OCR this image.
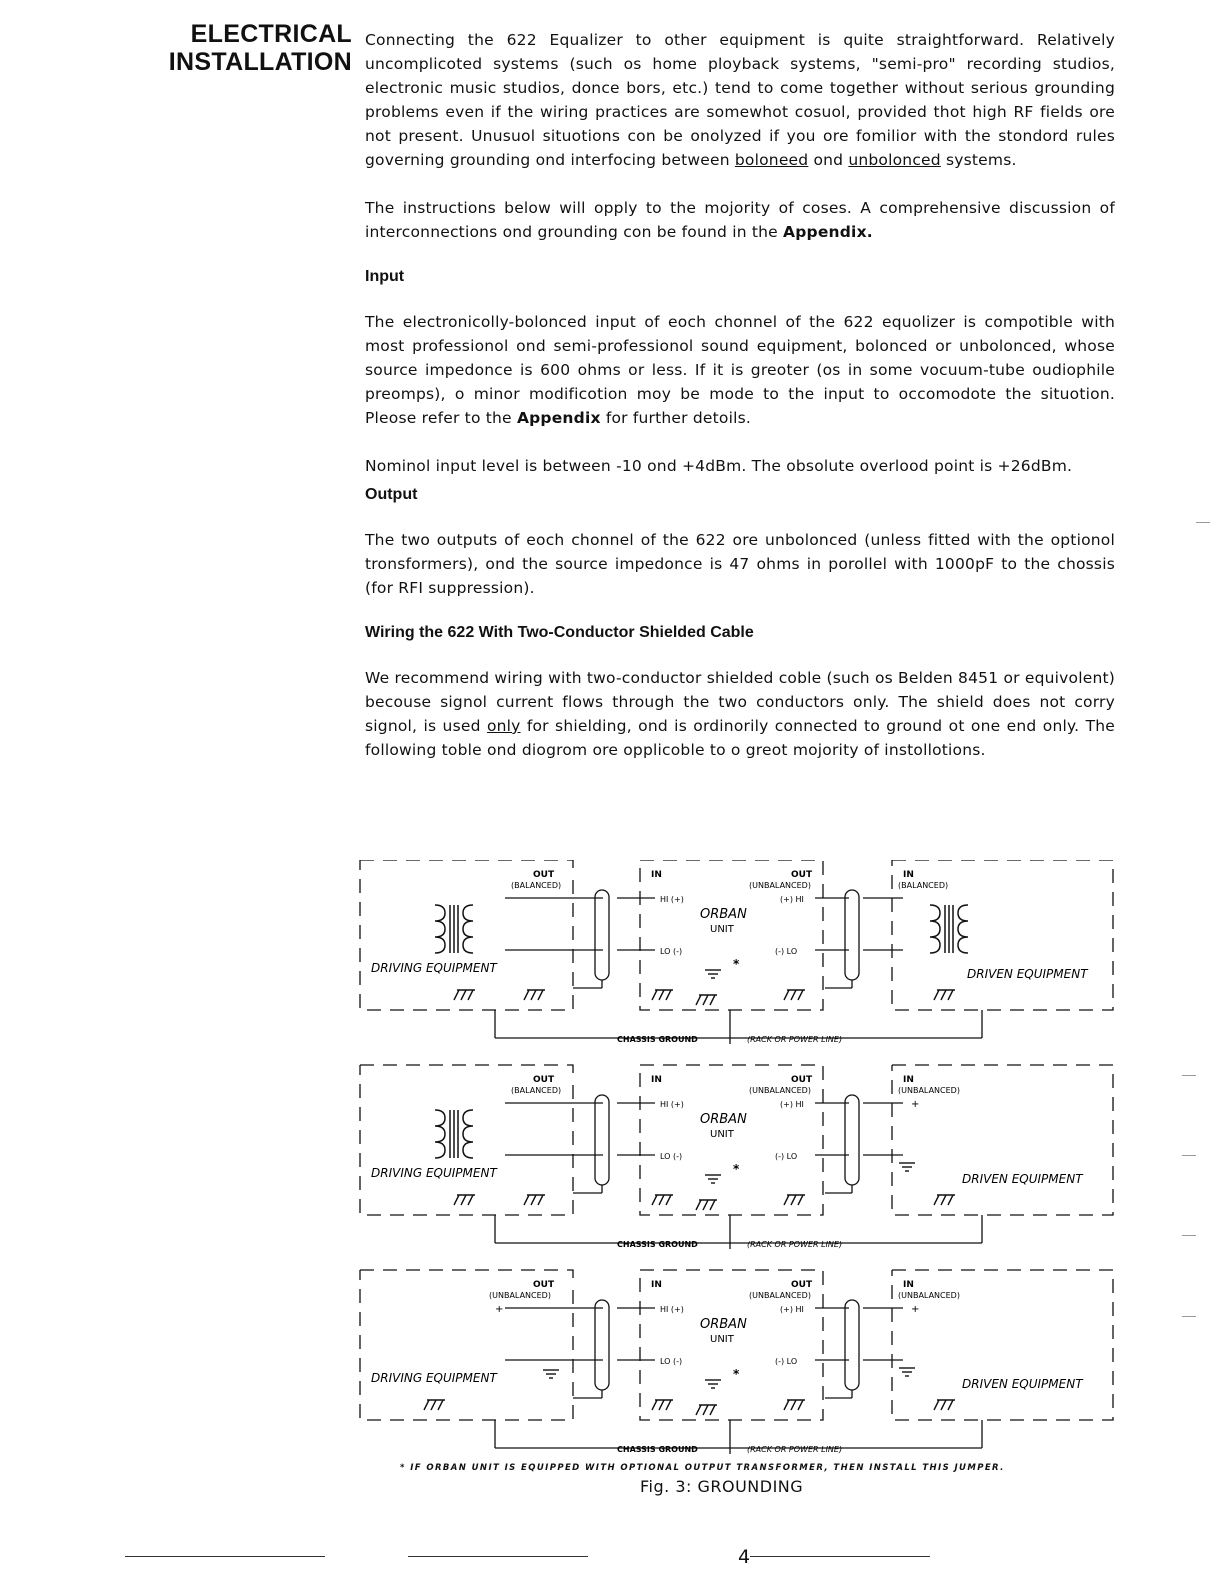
ELECTRICAL
INSTALLATION

Connecting the 622 Equalizer to other equipment is quite straightforward. Relatively uncomplicoted systems (such os home ployback systems, "semi-pro" recording studios, electronic music studios, donce bors, etc.) tend to come together without serious grounding problems even if the wiring practices are somewhot cosuol, provided thot high RF fields ore not present. Unusuol situotions con be onolyzed if you ore fomilior with the stondord rules governing grounding ond interfocing between boloneed ond unbolonced systems.

The instructions below will opply to the mojority of coses. A comprehensive discussion of interconnections ond grounding con be found in the Appendix.

Input

The electronicolly-bolonced input of eoch chonnel of the 622 equolizer is compotible with most professionol ond semi-professionol sound equipment, bolonced or unbolonced, whose source impedonce is 600 ohms or less. If it is greoter (os in some vocuum-tube oudiophile preomps), o minor modificotion moy be mode to the input to occomodote the situotion. Pleose refer to the Appendix for further detoils.

Nominol input level is between -10 ond +4dBm. The obsolute overlood point is +26dBm.

Output

The two outputs of eoch chonnel of the 622 ore unbolonced (unless fitted with the optionol tronsformers), ond the source impedonce is 47 ohms in porollel with 1000pF to the chossis (for RFI suppression).

Wiring the 622 With Two-Conductor Shielded Cable

We recommend wiring with two-conductor shielded coble (such os Belden 8451 or equivolent) becouse signol current flows through the two conductors only. The shield does not corry signol, is used only for shielding, ond is ordinorily connected to ground ot one end only. The following toble ond diogrom ore opplicoble to o greot mojority of instollotions.

OUT
(BALANCED)
IN	OUT
(UNBALANCED)
IN
(BALANCED)
HI (+)
LO (-)
(+) HI
(-) LO
ORBAN
UNIT
*
DRIVING EQUIPMENT	DRIVEN EQUIPMENT
CHASSIS GROUND	(RACK OR POWER LINE)
OUT
(BALANCED)
IN	OUT
(UNBALANCED)
IN
(UNBALANCED)
HI (+)
LO (-)
(+) HI
(-) LO
+
ORBAN
UNIT
*
DRIVING EQUIPMENT	DRIVEN EQUIPMENT
CHASSIS GROUND	(RACK OR POWER LINE)
OUT
(UNBALANCED)
IN	OUT
(UNBALANCED)
IN
(UNBALANCED)
+	HI (+)
LO (-)
(+) HI
(-) LO
+
ORBAN
UNIT
*
DRIVING EQUIPMENT	DRIVEN EQUIPMENT
CHASSIS GROUND	(RACK OR POWER LINE)
* IF ORBAN UNIT IS EQUIPPED WITH OPTIONAL OUTPUT TRANSFORMER, THEN INSTALL THIS JUMPER.
Fig. 3: GROUNDING
4
